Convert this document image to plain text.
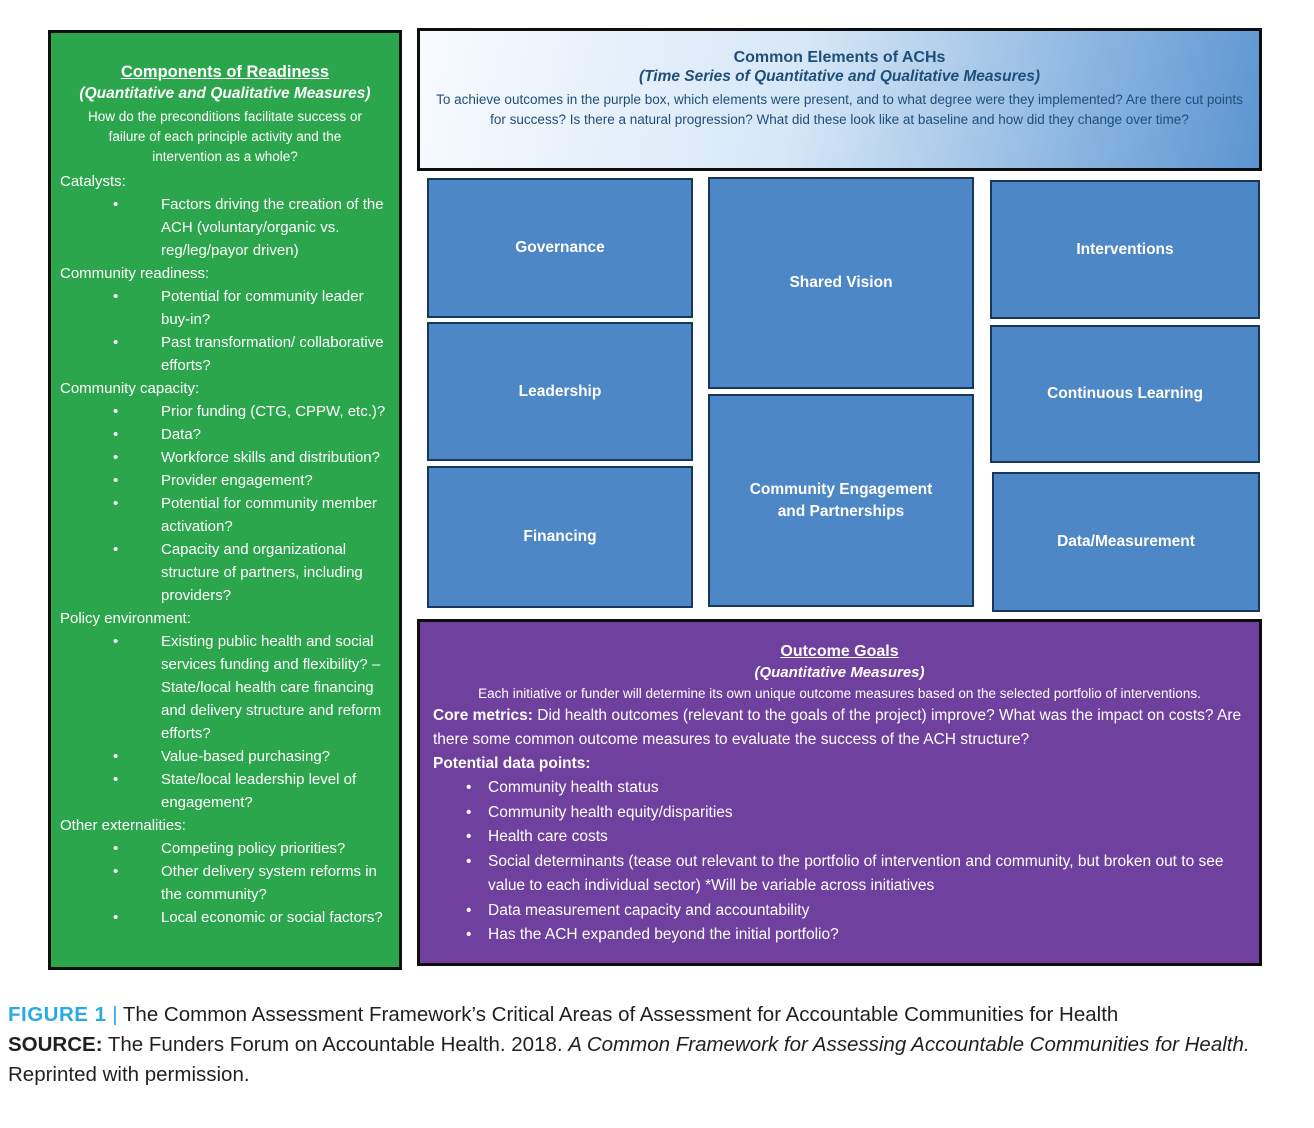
Components of Readiness
(Quantitative and Qualitative Measures)
How do the preconditions facilitate success or failure of each principle activity and the intervention as a whole?
Catalysts:
• Factors driving the creation of the ACH (voluntary/organic vs. reg/leg/payor driven)
Community readiness:
• Potential for community leader buy-in?
• Past transformation/ collaborative efforts?
Community capacity:
• Prior funding (CTG, CPPW, etc.)?
• Data?
• Workforce skills and distribution?
• Provider engagement?
• Potential for community member activation?
• Capacity and organizational structure of partners, including providers?
Policy environment:
• Existing public health and social services funding and flexibility? – State/local health care financing and delivery structure and reform efforts?
• Value-based purchasing?
• State/local leadership level of engagement?
Other externalities:
• Competing policy priorities?
• Other delivery system reforms in the community?
• Local economic or social factors?
Common Elements of ACHs
(Time Series of Quantitative and Qualitative Measures)
To achieve outcomes in the purple box, which elements were present, and to what degree were they implemented? Are there cut points for success? Is there a natural progression? What did these look like at baseline and how did they change over time?
Governance
Leadership
Financing
Shared Vision
Community Engagement and Partnerships
Interventions
Continuous Learning
Data/Measurement
Outcome Goals
(Quantitative Measures)
Each initiative or funder will determine its own unique outcome measures based on the selected portfolio of interventions.
Core metrics: Did health outcomes (relevant to the goals of the project) improve? What was the impact on costs? Are there some common outcome measures to evaluate the success of the ACH structure?
Potential data points:
• Community health status
• Community health equity/disparities
• Health care costs
• Social determinants (tease out relevant to the portfolio of intervention and community, but broken out to see value to each individual sector) *Will be variable across initiatives
• Data measurement capacity and accountability
• Has the ACH expanded beyond the initial portfolio?

FIGURE 1 | The Common Assessment Framework’s Critical Areas of Assessment for Accountable Communities for Health

SOURCE: The Funders Forum on Accountable Health. 2018. A Common Framework for Assessing Accountable Communities for Health. Reprinted with permission.
